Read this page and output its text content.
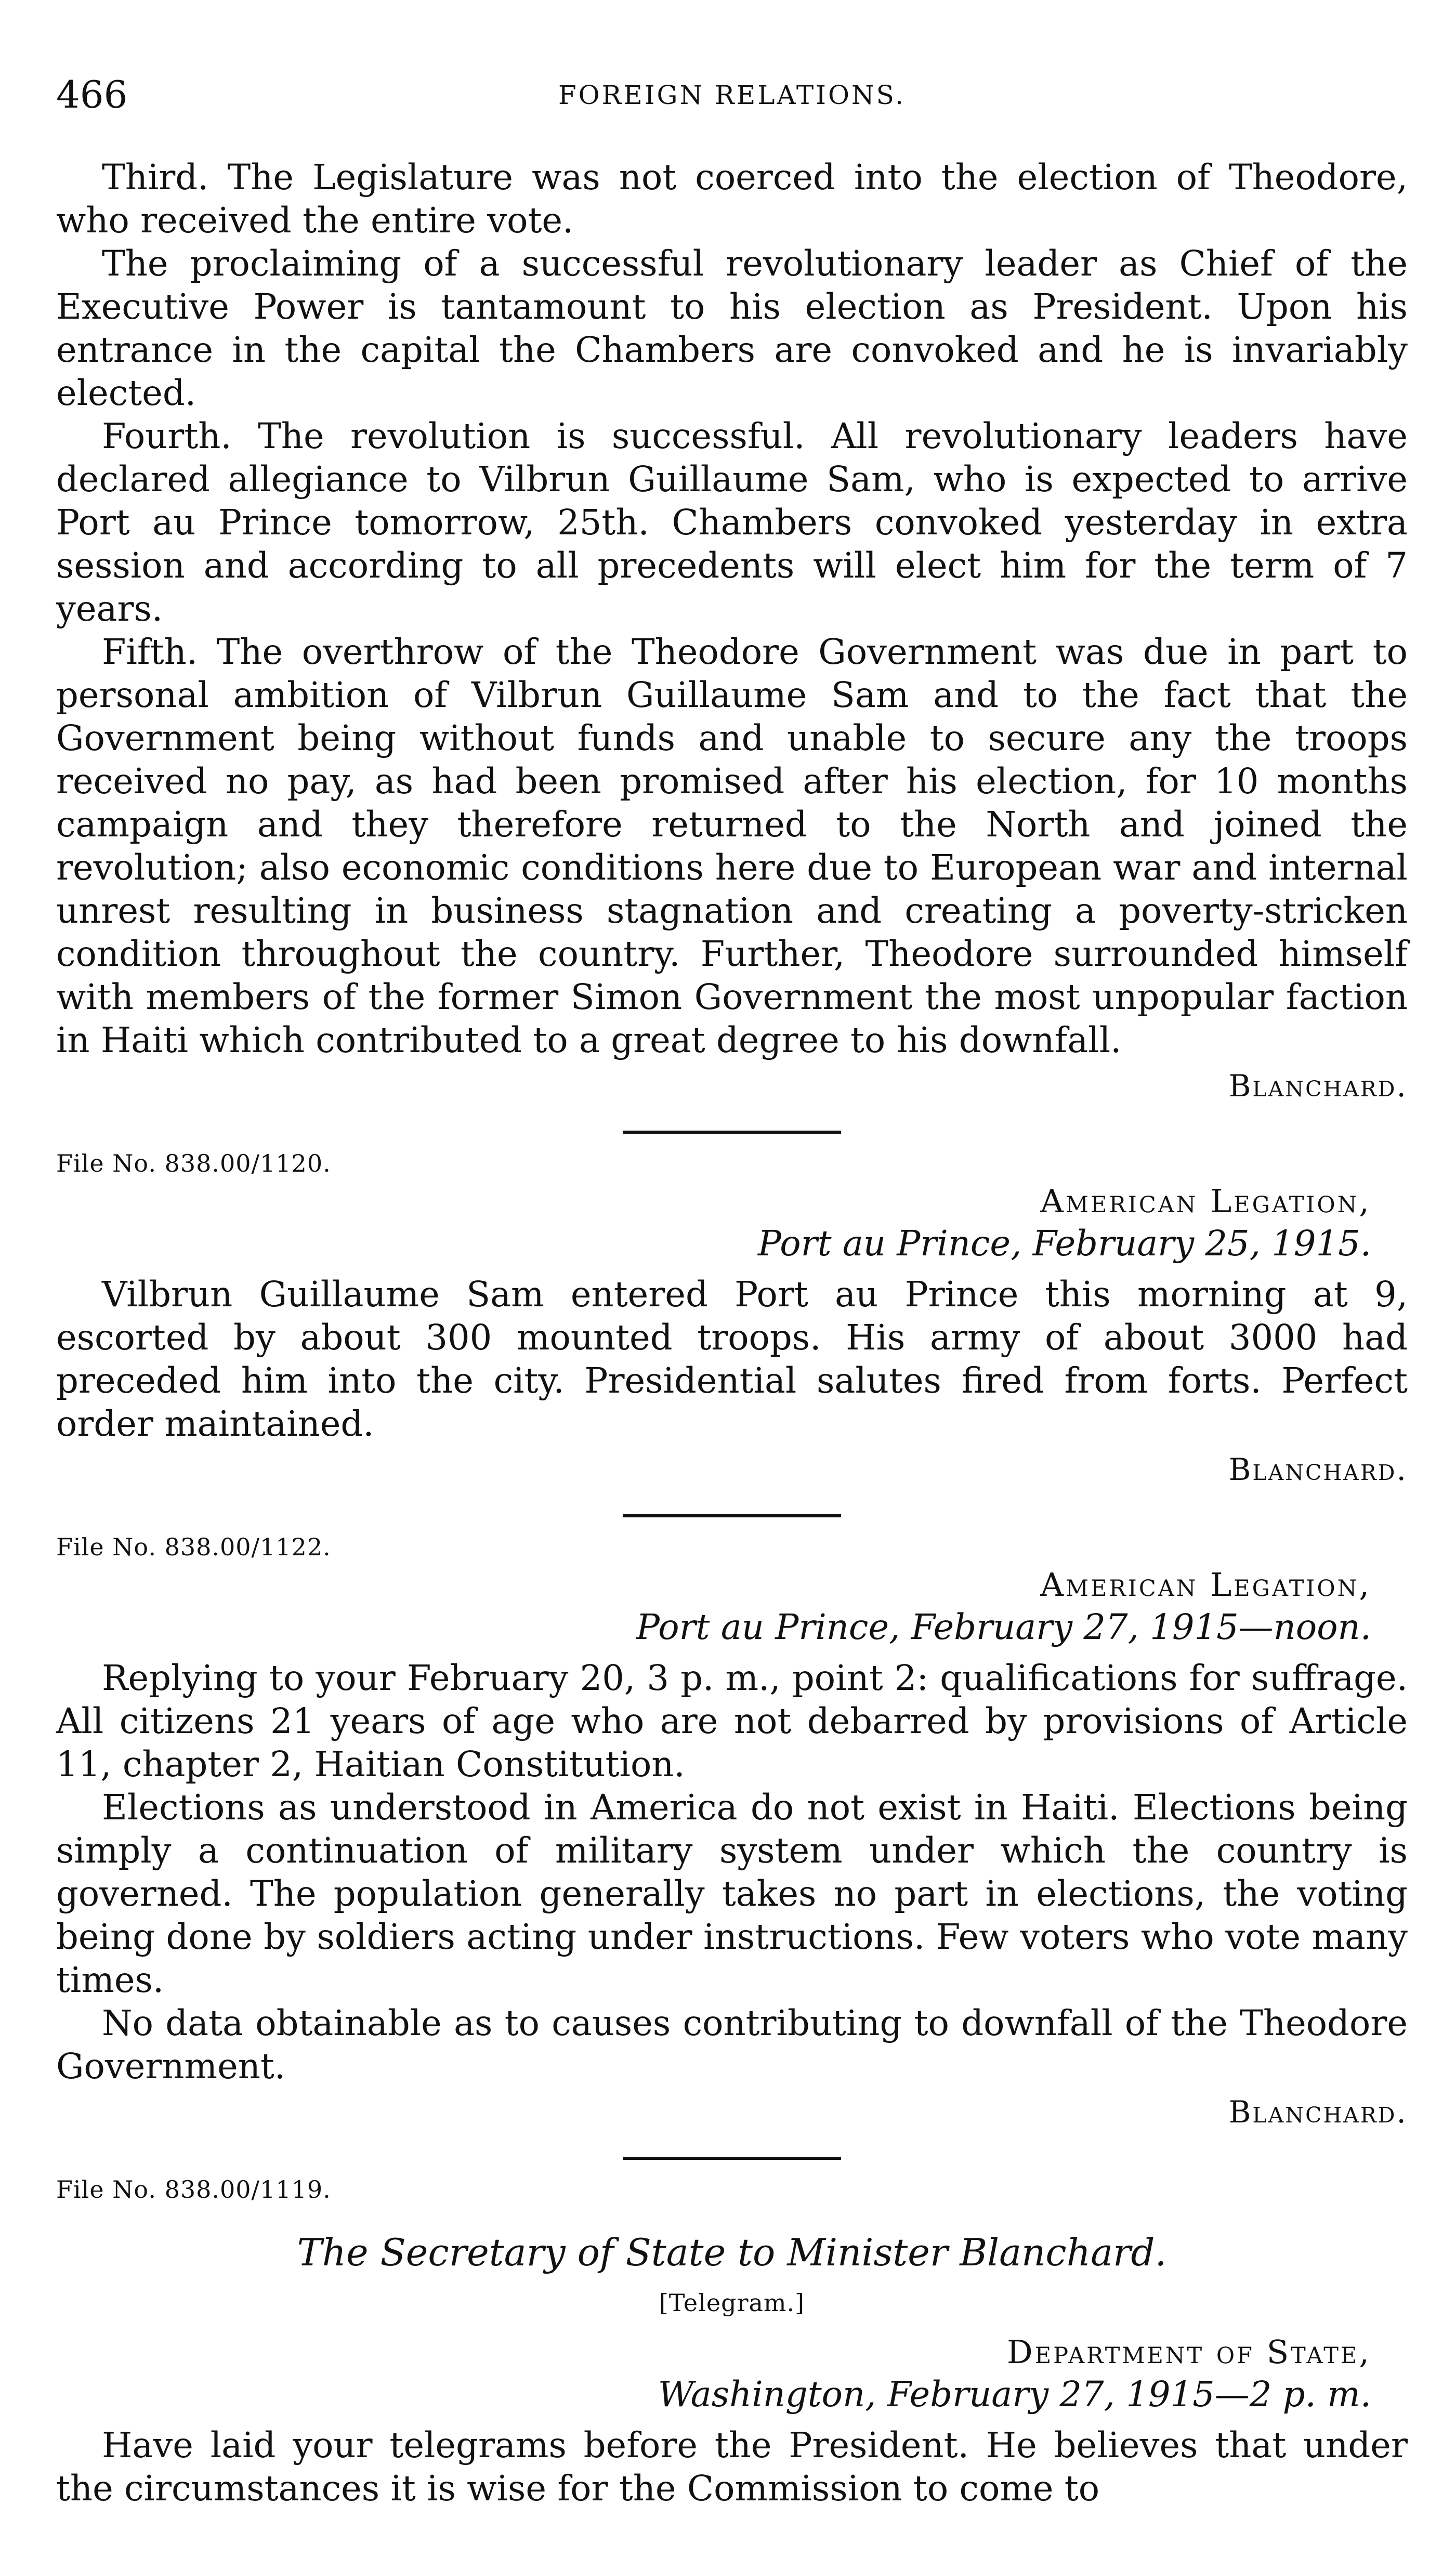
466	FOREIGN RELATIONS.

Third. The Legislature was not coerced into the election of Theodore, who received the entire vote.

The proclaiming of a successful revolutionary leader as Chief of the Executive Power is tantamount to his election as President. Upon his entrance in the capital the Chambers are convoked and he is invariably elected.

Fourth. The revolution is successful. All revolutionary leaders have declared allegiance to Vilbrun Guillaume Sam, who is expected to arrive Port au Prince tomorrow, 25th. Chambers convoked yesterday in extra session and according to all precedents will elect him for the term of 7 years.

Fifth. The overthrow of the Theodore Government was due in part to personal ambition of Vilbrun Guillaume Sam and to the fact that the Government being without funds and unable to secure any the troops received no pay, as had been promised after his election, for 10 months campaign and they therefore returned to the North and joined the revolution; also economic conditions here due to European war and internal unrest resulting in business stagnation and creating a poverty-stricken condition throughout the country. Further, Theodore surrounded himself with members of the former Simon Government the most unpopular faction in Haiti which contributed to a great degree to his downfall.

Blanchard.
File No. 838.00/1120.
American Legation,
Port au Prince, February 25, 1915.

Vilbrun Guillaume Sam entered Port au Prince this morning at 9, escorted by about 300 mounted troops. His army of about 3000 had preceded him into the city. Presidential salutes fired from forts. Perfect order maintained.

Blanchard.
File No. 838.00/1122.
American Legation,
Port au Prince, February 27, 1915—noon.

Replying to your February 20, 3 p. m., point 2: qualifications for suffrage. All citizens 21 years of age who are not debarred by provisions of Article 11, chapter 2, Haitian Constitution.

Elections as understood in America do not exist in Haiti. Elections being simply a continuation of military system under which the country is governed. The population generally takes no part in elections, the voting being done by soldiers acting under instructions. Few voters who vote many times.

No data obtainable as to causes contributing to downfall of the Theodore Government.

Blanchard.
File No. 838.00/1119.
The Secretary of State to Minister Blanchard.
[Telegram.]
Department of State,
Washington, February 27, 1915—2 p. m.

Have laid your telegrams before the President. He believes that under the circumstances it is wise for the Commission to come to
